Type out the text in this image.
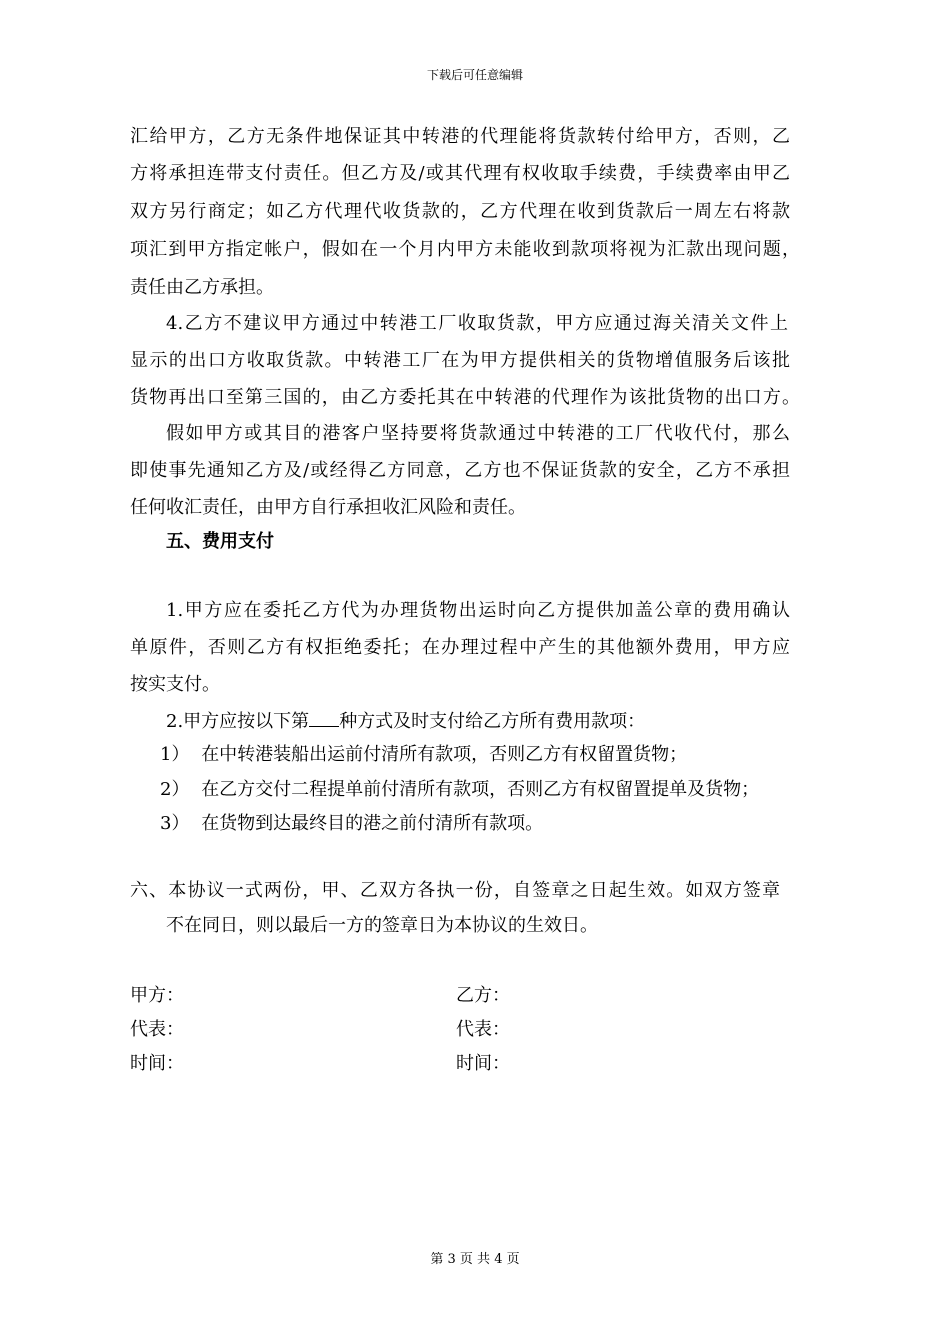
下载后可任意编辑
汇给甲方，乙方无条件地保证其中转港的代理能将货款转付给甲方，否则，乙
方将承担连带支付责任。但乙方及/或其代理有权收取手续费，手续费率由甲乙
双方另行商定；如乙方代理代收货款的，乙方代理在收到货款后一周左右将款
项汇到甲方指定帐户，假如在一个月内甲方未能收到款项将视为汇款出现问题，
责任由乙方承担。
4.乙方不建议甲方通过中转港工厂收取货款，甲方应通过海关清关文件上
显示的出口方收取货款。中转港工厂在为甲方提供相关的货物增值服务后该批
货物再出口至第三国的，由乙方委托其在中转港的代理作为该批货物的出口方。
假如甲方或其目的港客户坚持要将货款通过中转港的工厂代收代付，那么
即使事先通知乙方及/或经得乙方同意，乙方也不保证货款的安全，乙方不承担
任何收汇责任，由甲方自行承担收汇风险和责任。
五、费用支付
1.甲方应在委托乙方代为办理货物出运时向乙方提供加盖公章的费用确认
单原件，否则乙方有权拒绝委托；在办理过程中产生的其他额外费用，甲方应
按实支付。
2.甲方应按以下第 种方式及时支付给乙方所有费用款项：
1） 在中转港装船出运前付清所有款项，否则乙方有权留置货物；
2） 在乙方交付二程提单前付清所有款项，否则乙方有权留置提单及货物；
3） 在货物到达最终目的港之前付清所有款项。
六、本协议一式两份，甲、乙双方各执一份，自签章之日起生效。如双方签章
不在同日，则以最后一方的签章日为本协议的生效日。
甲方：	乙方：
代表：	代表：
时间：	时间：
第 3 页 共 4 页
